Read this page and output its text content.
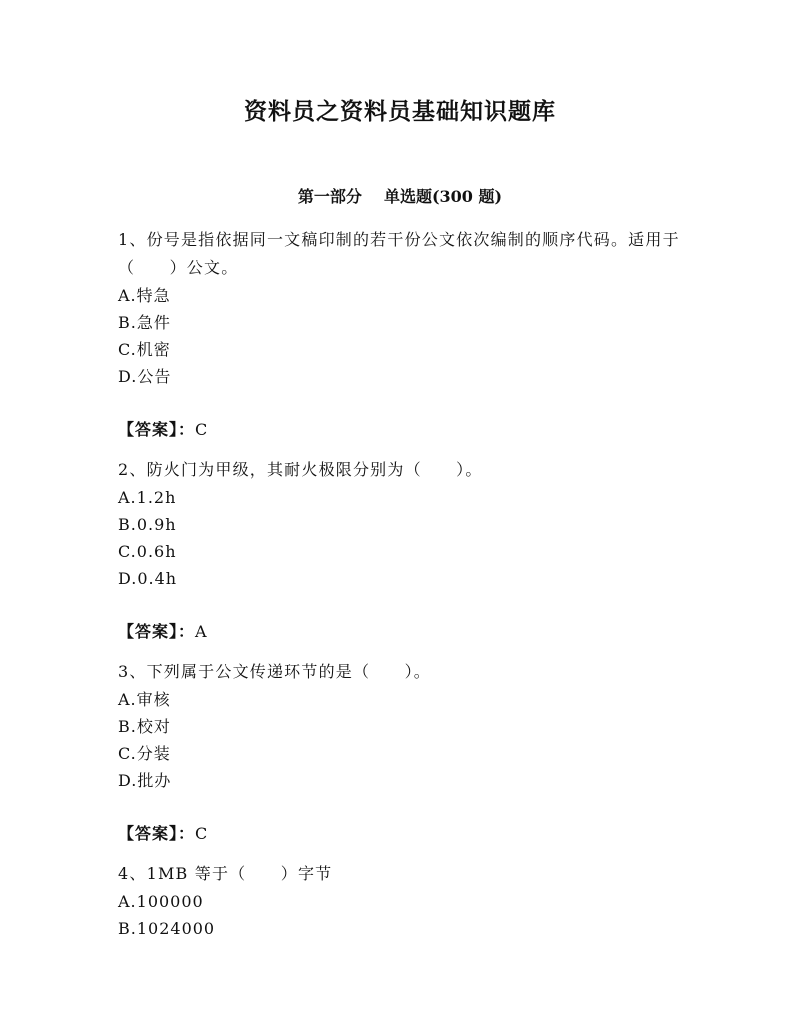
资料员之资料员基础知识题库
第一部分 单选题(300 题)

1、份号是指依据同一文稿印制的若干份公文依次编制的顺序代码。适用于（　　）公文。

A.特急

B.急件

C.机密

D.公告

【答案】：C

2、防火门为甲级，其耐火极限分别为（　　）。

A.1.2h

B.0.9h

C.0.6h

D.0.4h

【答案】：A

3、下列属于公文传递环节的是（　　）。

A.审核

B.校对

C.分装

D.批办

【答案】：C

4、1MB 等于（　　）字节

A.100000

B.1024000
